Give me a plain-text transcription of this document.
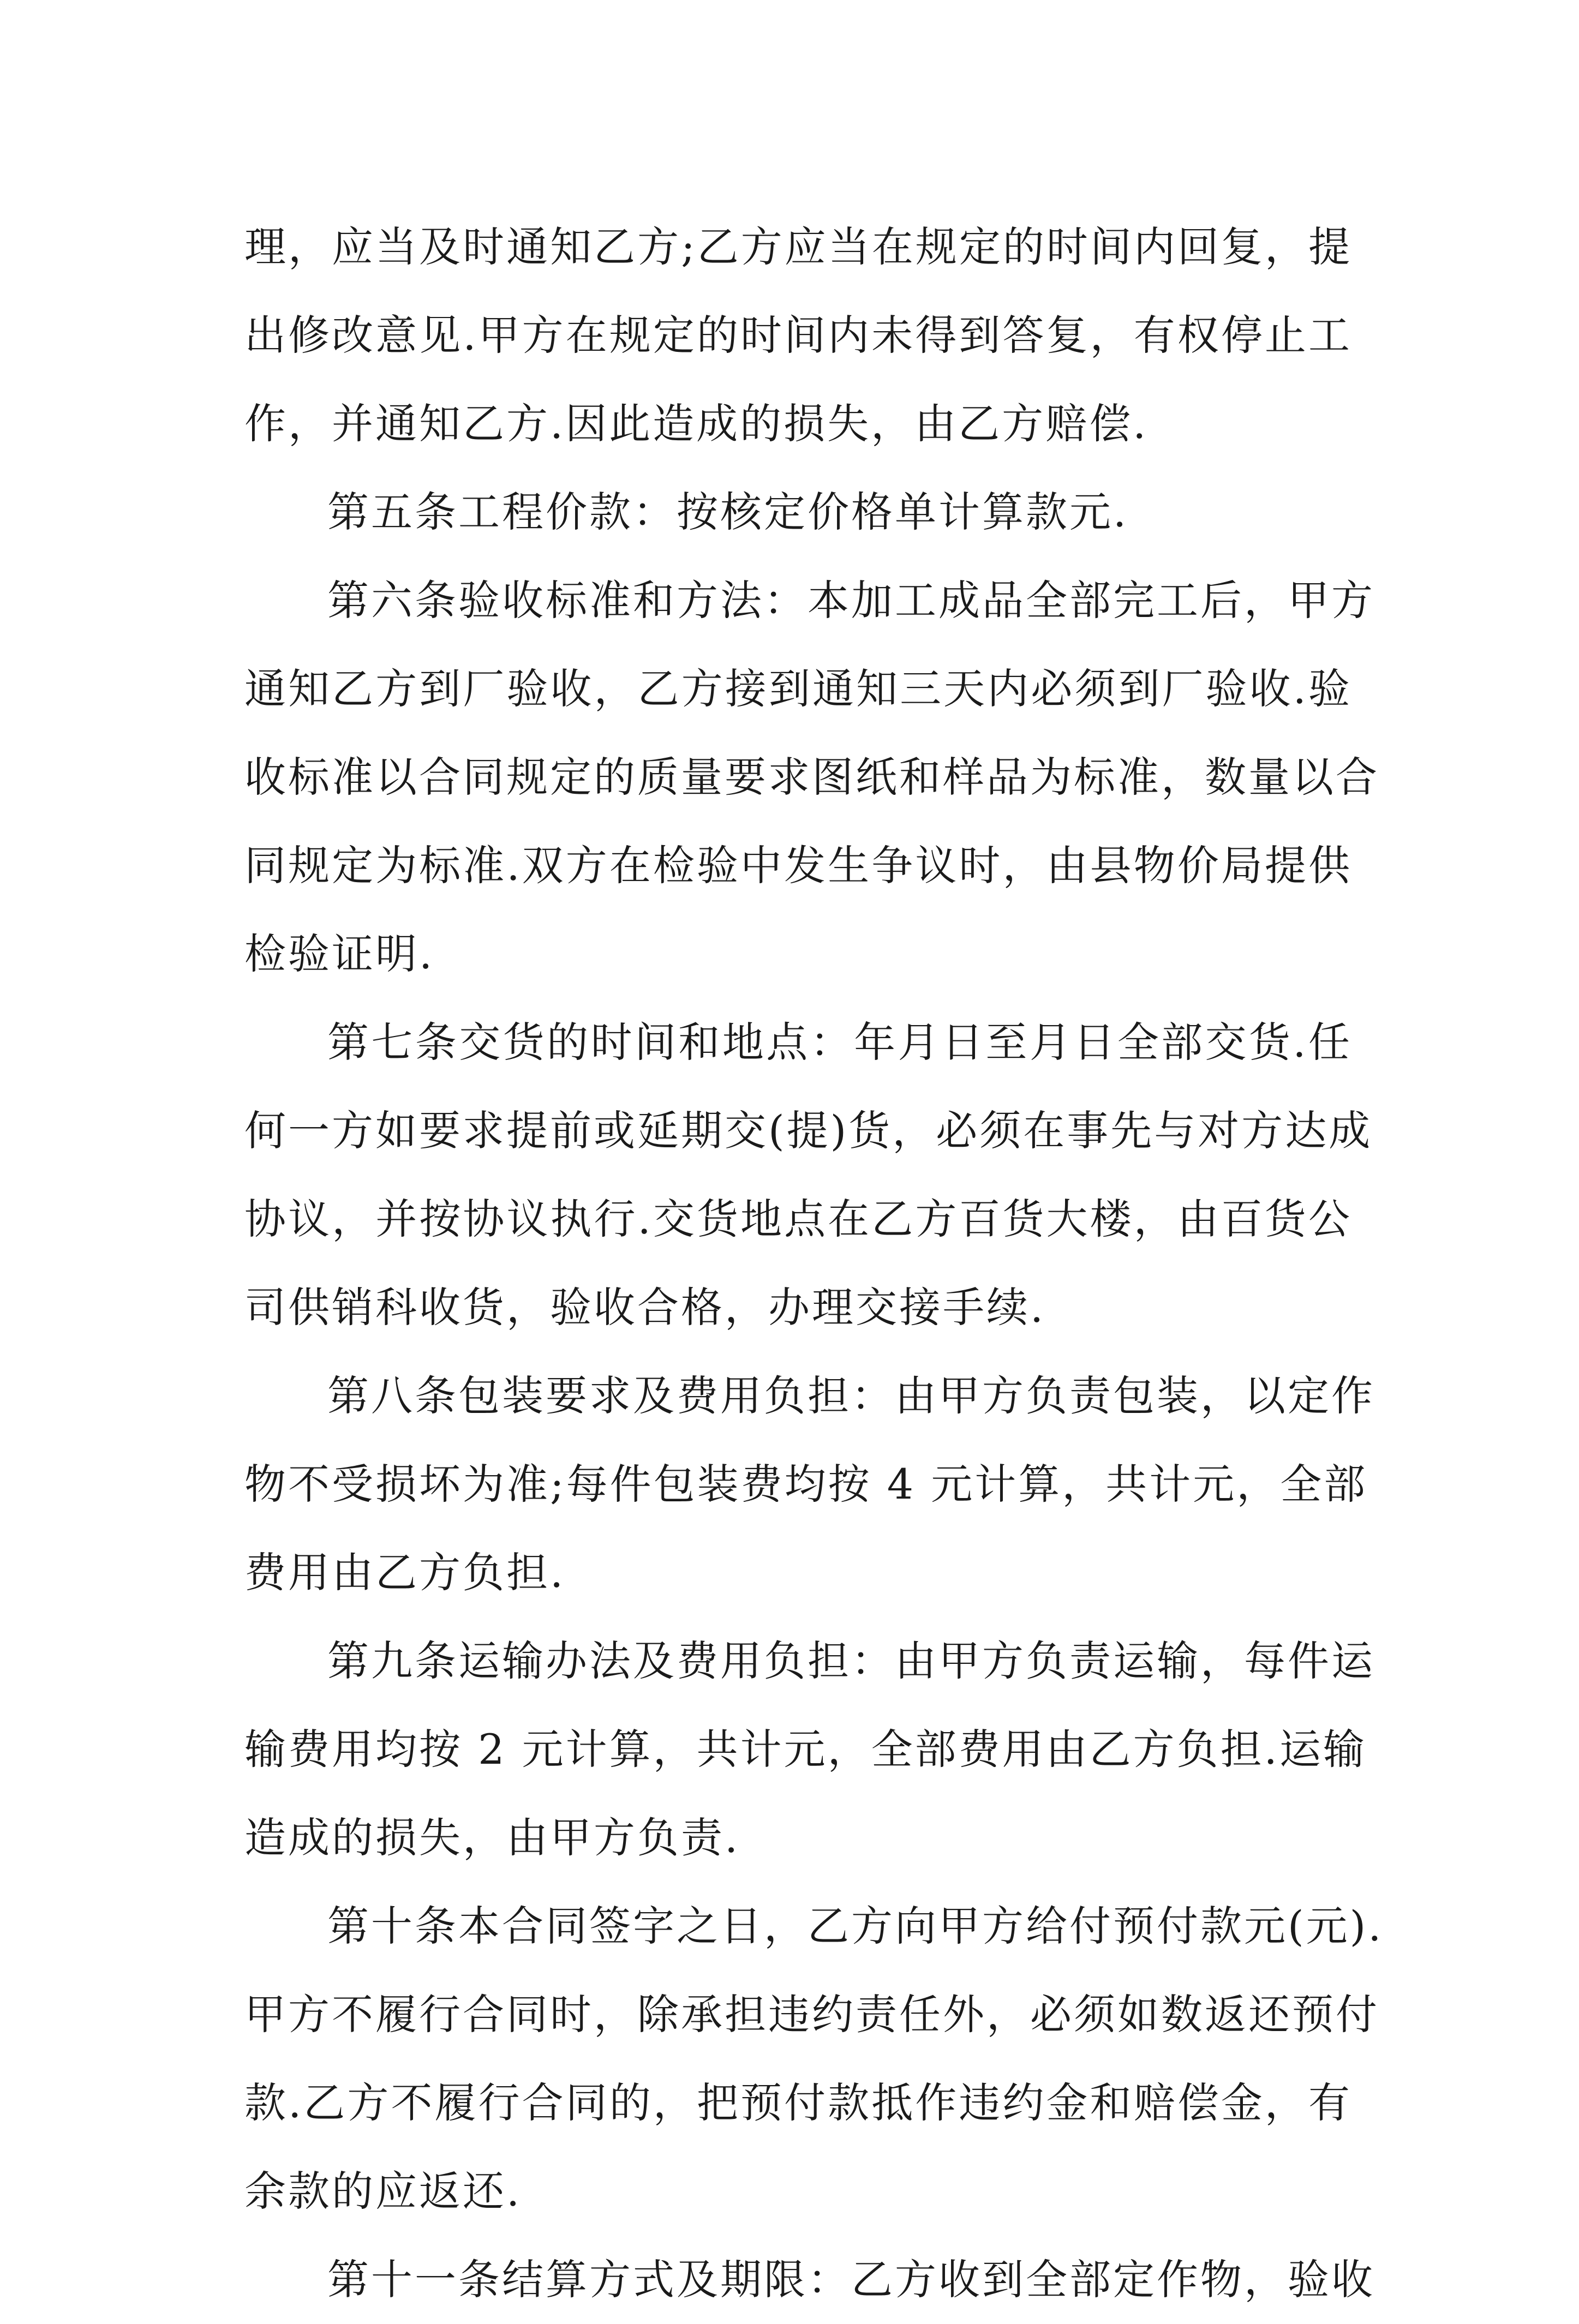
理，应当及时通知乙方;乙方应当在规定的时间内回复，提
出修改意见.甲方在规定的时间内未得到答复，有权停止工
作，并通知乙方.因此造成的损失，由乙方赔偿.
第五条工程价款：按核定价格单计算款元.
第六条验收标准和方法：本加工成品全部完工后，甲方
通知乙方到厂验收，乙方接到通知三天内必须到厂验收.验
收标准以合同规定的质量要求图纸和样品为标准，数量以合
同规定为标准.双方在检验中发生争议时，由县物价局提供
检验证明.
第七条交货的时间和地点：年月日至月日全部交货.任
何一方如要求提前或延期交(提)货，必须在事先与对方达成
协议，并按协议执行.交货地点在乙方百货大楼，由百货公
司供销科收货，验收合格，办理交接手续.
第八条包装要求及费用负担：由甲方负责包装，以定作
物不受损坏为准;每件包装费均按 4 元计算，共计元，全部
费用由乙方负担.
第九条运输办法及费用负担：由甲方负责运输，每件运
输费用均按 2 元计算，共计元，全部费用由乙方负担.运输
造成的损失，由甲方负责.
第十条本合同签字之日，乙方向甲方给付预付款元(元).
甲方不履行合同时，除承担违约责任外，必须如数返还预付
款.乙方不履行合同的，把预付款抵作违约金和赔偿金，有
余款的应返还.
第十一条结算方式及期限：乙方收到全部定作物，验收
